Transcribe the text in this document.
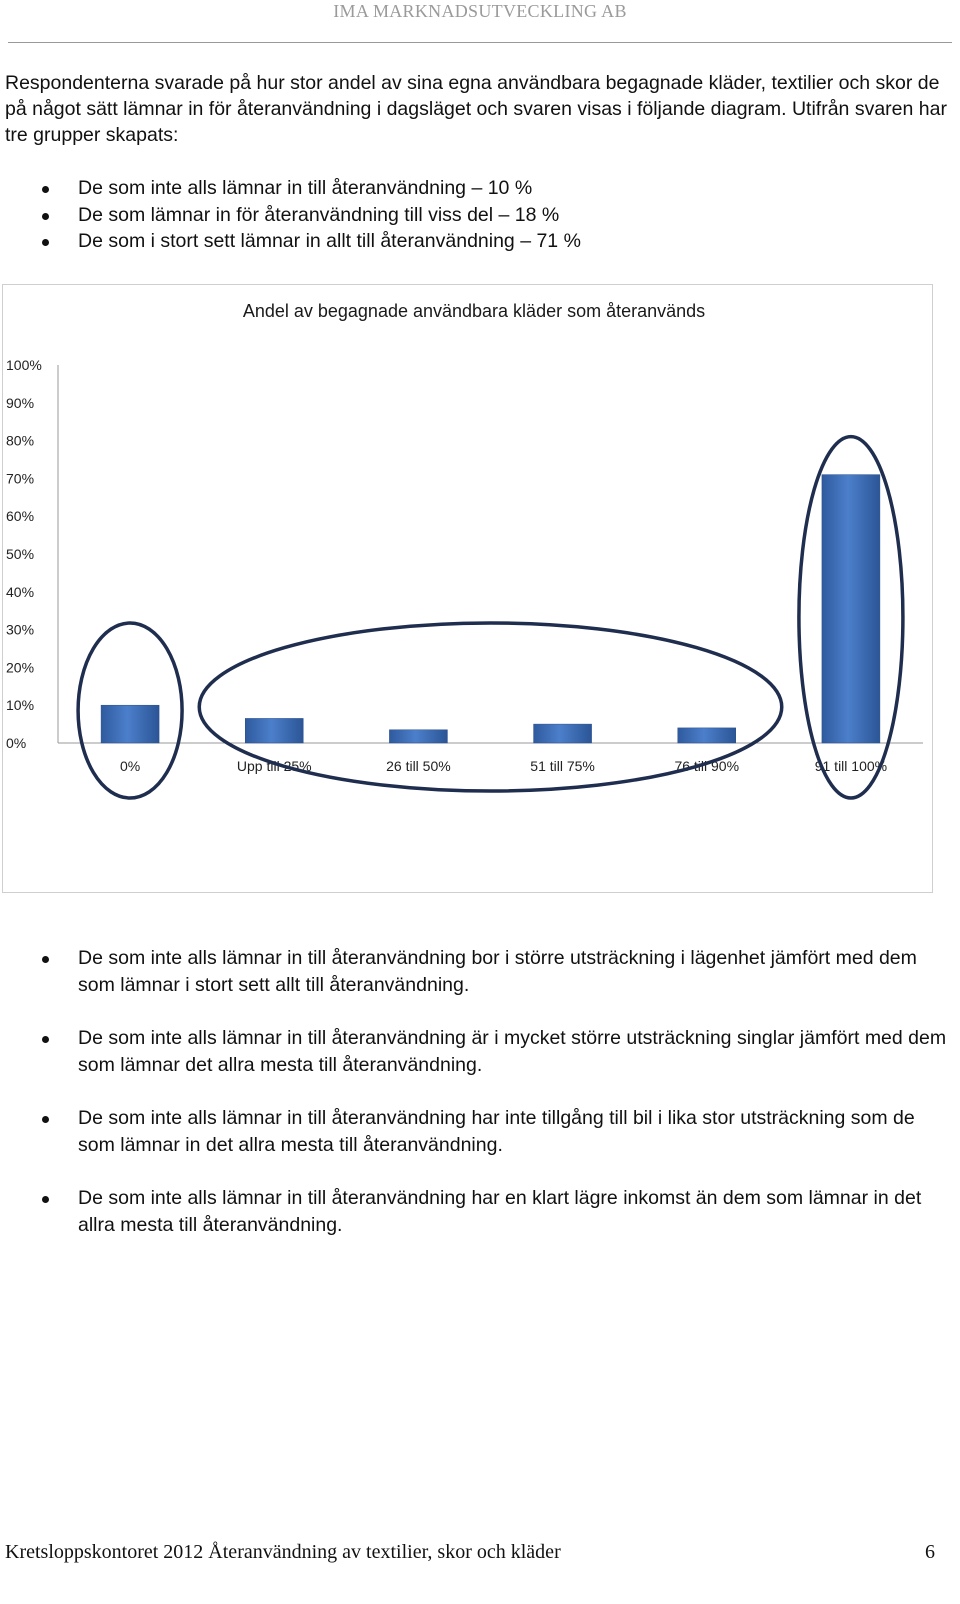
IMA MARKNADSUTVECKLING AB

Respondenterna svarade på hur stor andel av sina egna användbara begagnade kläder, textilier och skor de på något sätt lämnar in för återanvändning i dagsläget och svaren visas i följande diagram. Utifrån svaren har tre grupper skapats:

De som inte alls lämnar in till återanvändning – 10 %
De som lämnar in för återanvändning till viss del – 18 %
De som i stort sett lämnar in allt till återanvändning – 71 %
Andel av begagnade användbara kläder som återanvänds
0%
10%
20%
30%
40%
50%
60%
70%
80%
90%
100%
0%	Upp till 25%	26 till 50%	51 till 75%	76 till 90%	91 till 100%
De som inte alls lämnar in till återanvändning bor i större utsträckning i lägenhet jämfört med dem som lämnar i stort sett allt till återanvändning.
De som inte alls lämnar in till återanvändning är i mycket större utsträckning singlar jämfört med dem som lämnar det allra mesta till återanvändning.
De som inte alls lämnar in till återanvändning har inte tillgång till bil i lika stor utsträckning som de som lämnar in det allra mesta till återanvändning.
De som inte alls lämnar in till återanvändning har en klart lägre inkomst än dem som lämnar in det allra mesta till återanvändning.
Kretsloppskontoret 2012 Återanvändning av textilier, skor och kläder	6
